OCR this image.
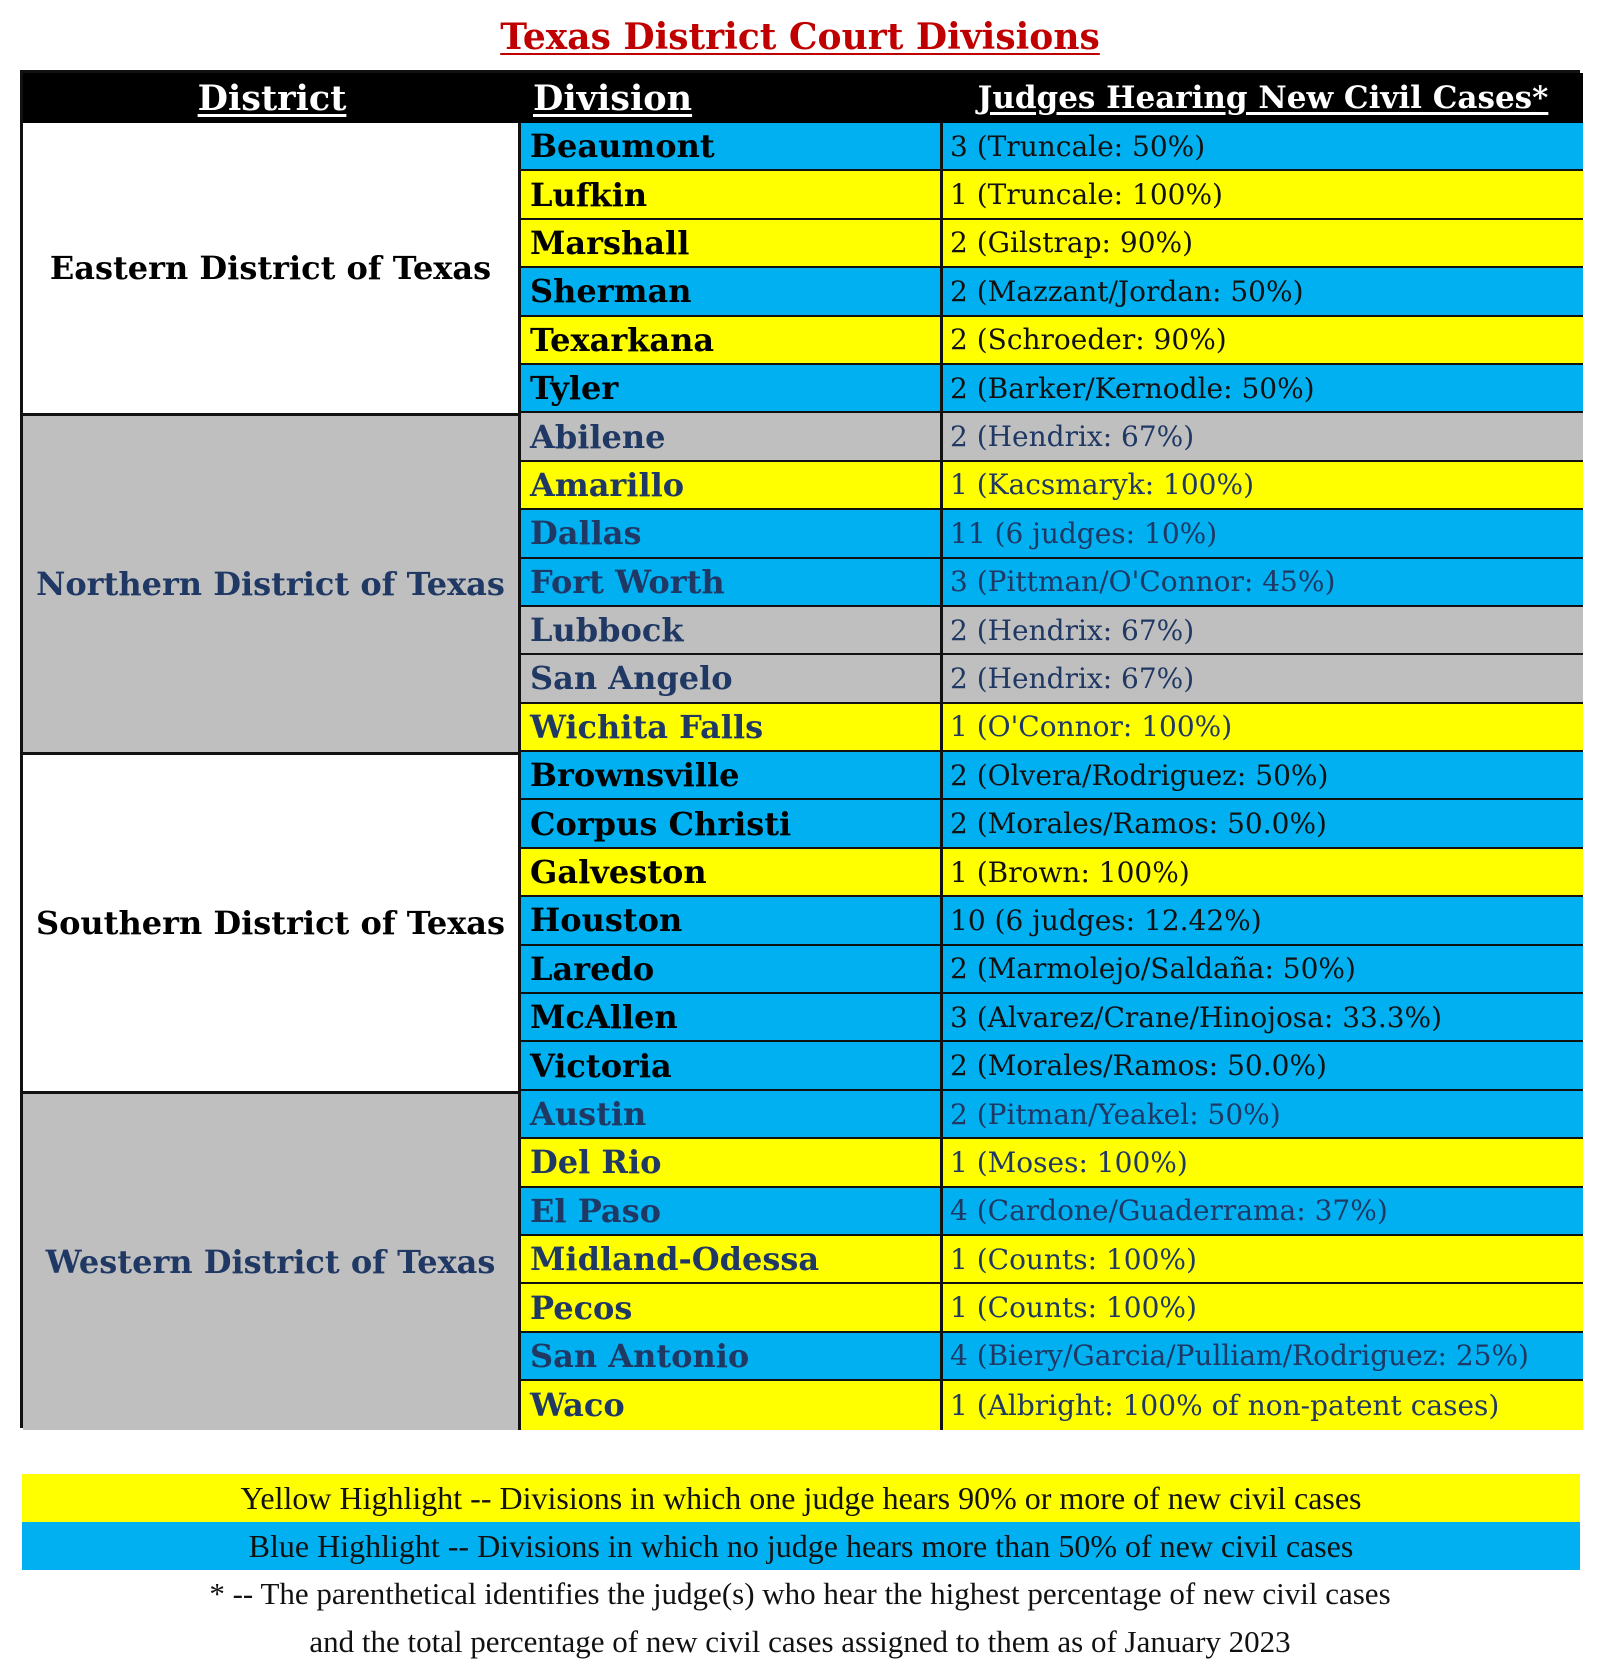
Texas District Court Divisions
District	Division	Judges Hearing New Civil Cases*
Eastern District of Texas
Beaumont	3 (Truncale: 50%)
Lufkin	1 (Truncale: 100%)
Marshall	2 (Gilstrap: 90%)
Sherman	2 (Mazzant/Jordan: 50%)
Texarkana	2 (Schroeder: 90%)
Tyler	2 (Barker/Kernodle: 50%)
Northern District of Texas
Abilene	2 (Hendrix: 67%)
Amarillo	1 (Kacsmaryk: 100%)
Dallas	11 (6 judges: 10%)
Fort Worth	3 (Pittman/O'Connor: 45%)
Lubbock	2 (Hendrix: 67%)
San Angelo	2 (Hendrix: 67%)
Wichita Falls	1 (O'Connor: 100%)
Southern District of Texas
Brownsville	2 (Olvera/Rodriguez: 50%)
Corpus Christi	2 (Morales/Ramos: 50.0%)
Galveston	1 (Brown: 100%)
Houston	10 (6 judges: 12.42%)
Laredo	2 (Marmolejo/Saldaña: 50%)
McAllen	3 (Alvarez/Crane/Hinojosa: 33.3%)
Victoria	2 (Morales/Ramos: 50.0%)
Western District of Texas
Austin	2 (Pitman/Yeakel: 50%)
Del Rio	1 (Moses: 100%)
El Paso	4 (Cardone/Guaderrama: 37%)
Midland-Odessa	1 (Counts: 100%)
Pecos	1 (Counts: 100%)
San Antonio	4 (Biery/Garcia/Pulliam/Rodriguez: 25%)
Waco	1 (Albright: 100% of non-patent cases)
Yellow Highlight -- Divisions in which one judge hears 90% or more of new civil cases
Blue Highlight -- Divisions in which no judge hears more than 50% of new civil cases
* -- The parenthetical identifies the judge(s) who hear the highest percentage of new civil cases
and the total percentage of new civil cases assigned to them as of January 2023
